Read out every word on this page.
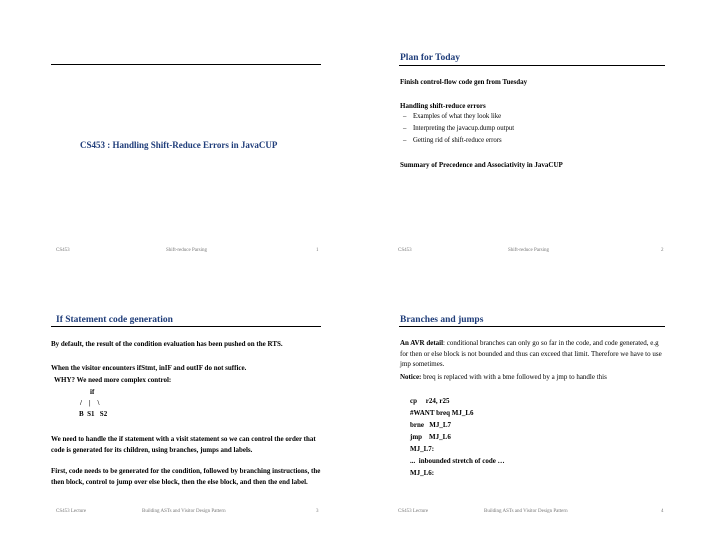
CS453 : Handling Shift-Reduce Errors in JavaCUP
CS453	Shift-reduce Parsing	1
Plan for Today
Finish control-flow code gen from Tuesday
Handling shift-reduce errors
– Examples of what they look like
– Interpreting the javacup.dump output
– Getting rid of shift-reduce errors
Summary of Precedence and Associativity in JavaCUP
CS453	Shift-reduce Parsing	2
If Statement code generation
By default, the result of the condition evaluation has been pushed on the RTS.
When the visitor encounters ifStmt, inIF and outIF do not suffice.
WHY? We need more complex control:
if
/    |    \
B  S1   S2
We need to handle the if statement with a visit statement so we can control the order that code is generated for its children, using branches, jumps and labels.
First, code needs to be generated for the condition, followed by branching instructions, the then block, control to jump over else block, then the else block, and then the end label.
CS453 Lecture	Building ASTs and Visitor Design Pattern	3
Branches and jumps
An AVR detail: conditional branches can only go so far in the code, and code generated, e.g for then or else block is not bounded and thus can exceed that limit. Therefore we have to use jmp sometimes.
Notice: breq is replaced with with a bme followed by a jmp to handle this
cp     r24, r25
#WANT breq MJ_L6
brne   MJ_L7
jmp    MJ_L6
MJ_L7:
...  inbounded stretch of code …
MJ_L6:
CS453 Lecture	Building ASTs and Visitor Design Pattern	4
